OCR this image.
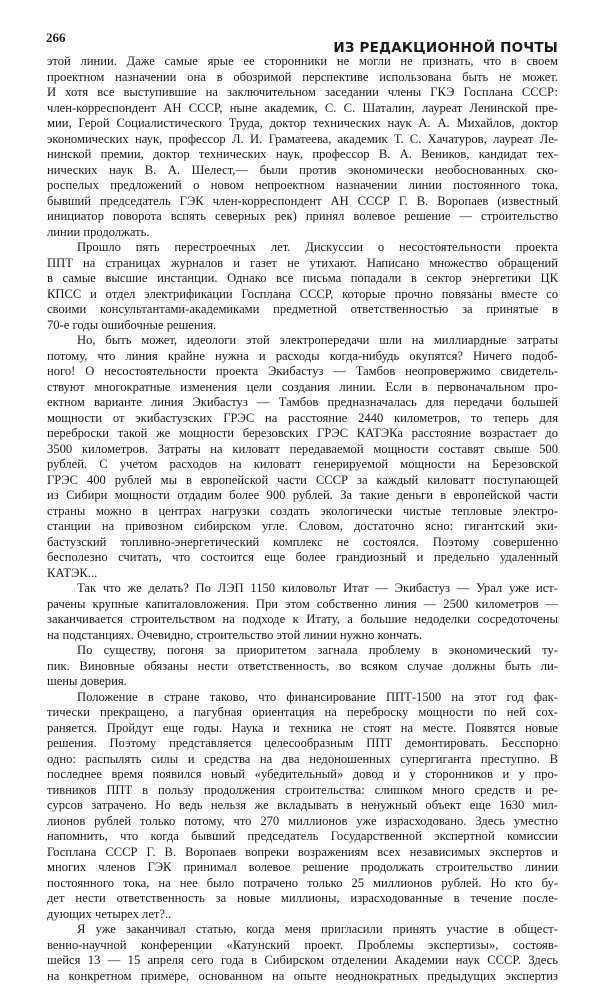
266
ИЗ РЕДАКЦИОННОЙ ПОЧТЫ
этой линии. Даже самые ярые ее сторонники не могли не признать, что в своем
проектном назначении она в обозримой перспективе использована быть не может.
И хотя все выступившие на заключительном заседании члены ГКЭ Госплана СССР:
член-корреспондент АН СССР, ныне академик, С. С. Шаталин, лауреат Ленинской пре-
мии, Герой Социалистического Труда, доктор технических наук А. А. Михайлов, доктор
экономических наук, профессор Л. И. Граматеева, академик Т. С. Хачатуров, лауреат Ле-
нинской премии, доктор технических наук, профессор В. А. Веников, кандидат тех-
нических наук В. А. Шелест,— были против экономически необоснованных ско-
роспелых предложений о новом непроектном назначении линии постоянного тока,
бывший председатель ГЭК член-корреспондент АН СССР Г. В. Воропаев (известный
инициатор поворота вспять северных рек) принял волевое решение — строительство
линии продолжать.
Прошло пять перестроечных лет. Дискуссии о несостоятельности проекта
ППТ на страницах журналов и газет не утихают. Написано множество обращений
в самые высшие инстанции. Однако все письма попадали в сектор энергетики ЦК
КПСС и отдел электрификации Госплана СССР, которые прочно повязаны вместе со
своими консультантами-академиками предметной ответственностью за принятые в
70-е годы ошибочные решения.
Но, быть может, идеологи этой электропередачи шли на миллиардные затраты
потому, что линия крайне нужна и расходы когда-нибудь окупятся? Ничего подоб-
ного! О несостоятельности проекта Экибастуз — Тамбов неопровержимо свидетель-
ствуют многократные изменения цели создания линии. Если в первоначальном про-
ектном варианте линия Экибастуз — Тамбов предназначалась для передачи большей
мощности от экибастузских ГРЭС на расстояние 2440 километров, то теперь для
переброски такой же мощности березовских ГРЭС КАТЭКа расстояние возрастает до
3500 километров. Затраты на киловатт передаваемой мощности составят свыше 500
рублей. С учетом расходов на киловатт генерируемой мощности на Березовской
ГРЭС 400 рублей мы в европейской части СССР за каждый киловатт поступающей
из Сибири мощности отдадим более 900 рублей. За такие деньги в европейской части
страны можно в центрах нагрузки создать экологически чистые тепловые электро-
станции на привозном сибирском угле. Словом, достаточно ясно: гигантский эки-
бастузский топливно-энергетический комплекс не состоялся. Поэтому совершенно
бесполезно считать, что состоится еще более грандиозный и предельно удаленный
КАТЭК...
Так что же делать? По ЛЭП 1150 киловольт Итат — Экибастуз — Урал уже ист-
рачены крупные капиталовложения. При этом собственно линия — 2500 километров —
заканчивается строительством на подходе к Итату, а большие недоделки сосредоточены
на подстанциях. Очевидно, строительство этой линии нужно кончать.
По существу, погоня за приоритетом загнала проблему в экономический ту-
пик. Виновные обязаны нести ответственность, во всяком случае должны быть ли-
шены доверия.
Положение в стране таково, что финансирование ППТ-1500 на этот год фак-
тически прекращено, а пагубная ориентация на переброску мощности по ней сох-
раняется. Пройдут еще годы. Наука и техника не стоят на месте. Появятся новые
решения. Поэтому представляется целесообразным ППТ демонтировать. Бесспорно
одно: распылять силы и средства на два недоношенных супергиганта преступно. В
последнее время появился новый «убедительный» довод и у сторонников и у про-
тивников ППТ в пользу продолжения строительства: слишком много средств и ре-
сурсов затрачено. Но ведь нельзя же вкладывать в ненужный объект еще 1630 мил-
лионов рублей только потому, что 270 миллионов уже израсходовано. Здесь уместно
напомнить, что когда бывший председатель Государственной экспертной комиссии
Госплана СССР Г. В. Воропаев вопреки возражениям всех независимых экспертов и
многих членов ГЭК принимал волевое решение продолжать строительство линии
постоянного тока, на нее было потрачено только 25 миллионов рублей. Но кто бу-
дет нести ответственность за новые миллионы, израсходованные в течение после-
дующих четырех лет?..
Я уже заканчивал статью, когда меня пригласили принять участие в общест-
венно-научной конференции «Катунский проект. Проблемы экспертизы», состояв-
шейся 13 — 15 апреля сего года в Сибирском отделении Академии наук СССР. Здесь
на конкретном примере, основанном на опыте неоднократных предыдущих экспертиз
